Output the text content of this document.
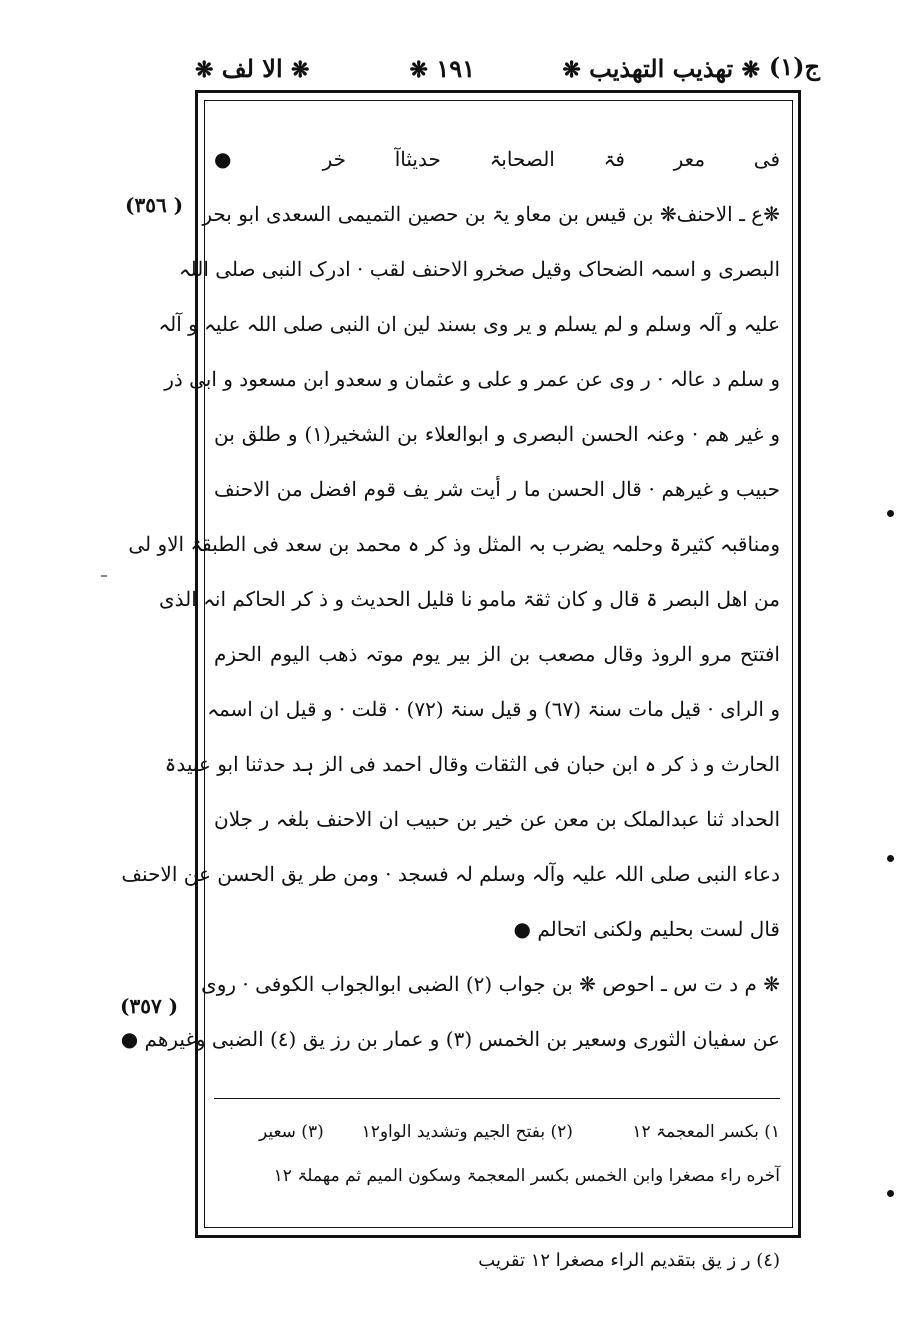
ج(١)
❋ تهذیب التهذیب ❋
١٩١ ❋
❋ الا لف ❋
( ٣٥٦)
( ٣٥٧)
فی معر فۃ الصحابۃ حدیثاآ خر ●
❋ع ـ الاحنف❋ بن قیس بن معاو یۃ بن حصین التمیمی السعدی ابو بحر
البصری و اسمہ الضحاک وقیل صخرو الاحنف لقب · ادرک النبی صلی اللہ
علیہ و آلہ وسلم و لم یسلم و یر وی بسند لین ان النبی صلی اللہ علیہ و آلہ
و سلم د عالہ · ر وی عن عمر و علی و عثمان و سعدو ابن مسعود و ابی ذر
و غیر ھم · وعنہ الحسن البصری و ابوالعلاء بن الشخیر(١) و طلق بن
حبیب و غیرھم · قال الحسن ما ر أیت شر یف قوم افضل من الاحنف
ومناقبہ کثیرۃ وحلمہ یضرب بہ المثل وذ کر ہ محمد بن سعد فی الطبقۃ الاو لی
من اهل البصر ۃ قال و کان ثقۃ مامو نا قلیل الحدیث و ذ کر الحاکم انہ الذی
افتتح مرو الروذ وقال مصعب بن الز بیر یوم موتہ ذهب الیوم الحزم
و الرای · قیل مات سنۃ (٦٧) و قیل سنۃ (٧٢) · قلت · و قیل ان اسمہ
الحارث و ذ کر ہ ابن حبان فی الثقات وقال احمد فی الز ہد حدثنا ابو عبیدۃ
الحداد ثنا عبدالملک بن معن عن خیر بن حبیب ان الاحنف بلغہ ر جلان
دعاء النبی صلی اللہ علیہ وآلہ وسلم لہ فسجد · ومن طر یق الحسن عن الاحنف
قال لست بحلیم ولکنی اتحالم ●
❋ م د ت س ـ احوص ❋ بن جواب (٢) الضبی ابوالجواب الکوفی · روی
عن سفیان الثوری وسعیر بن الخمس (٣) و عمار بن رز یق (٤) الضبی وغیرھم ●
١) بکسر المعجمۃ ١٢           (٢) بفتح الجیم وتشدید الواو١٢       (٣) سعیر
آخره راء مصغرا وابن الخمس بکسر المعجمۃ وسکون المیم ثم مهملۃ ١٢
(٤) ر ز یق بتقدیم الراء مصغرا ١٢ تقریب
